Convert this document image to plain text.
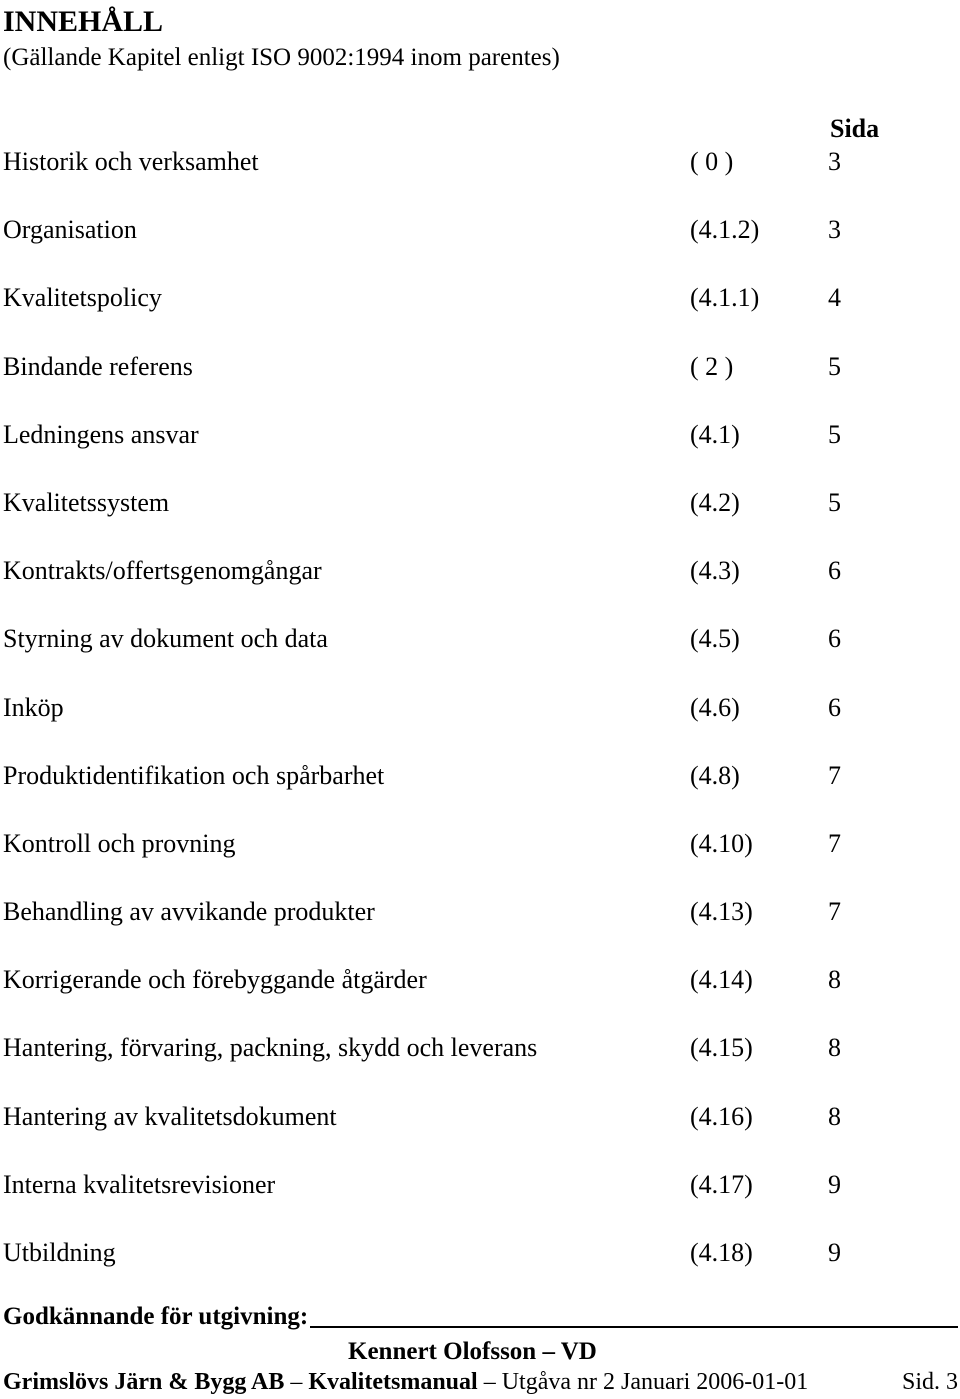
INNEHÅLL
(Gällande Kapitel enligt ISO 9002:1994 inom parentes)
Sida
Historik och verksamhet	( 0 )	3
Organisation	(4.1.2)	3
Kvalitetspolicy	(4.1.1)	4
Bindande referens	( 2 )	5
Ledningens ansvar	(4.1)	5
Kvalitetssystem	(4.2)	5
Kontrakts/offertsgenomgångar	(4.3)	6
Styrning av dokument och data	(4.5)	6
Inköp	(4.6)	6
Produktidentifikation och spårbarhet	(4.8)	7
Kontroll och provning	(4.10)	7
Behandling av avvikande produkter	(4.13)	7
Korrigerande och förebyggande åtgärder	(4.14)	8
Hantering, förvaring, packning, skydd och leverans	(4.15)	8
Hantering av kvalitetsdokument	(4.16)	8
Interna kvalitetsrevisioner	(4.17)	9
Utbildning	(4.18)	9
Godkännande för utgivning:
Kennert Olofsson – VD
Grimslövs Järn & Bygg AB – Kvalitetsmanual – Utgåva nr 2 Januari 2006-01-01	Sid. 3
